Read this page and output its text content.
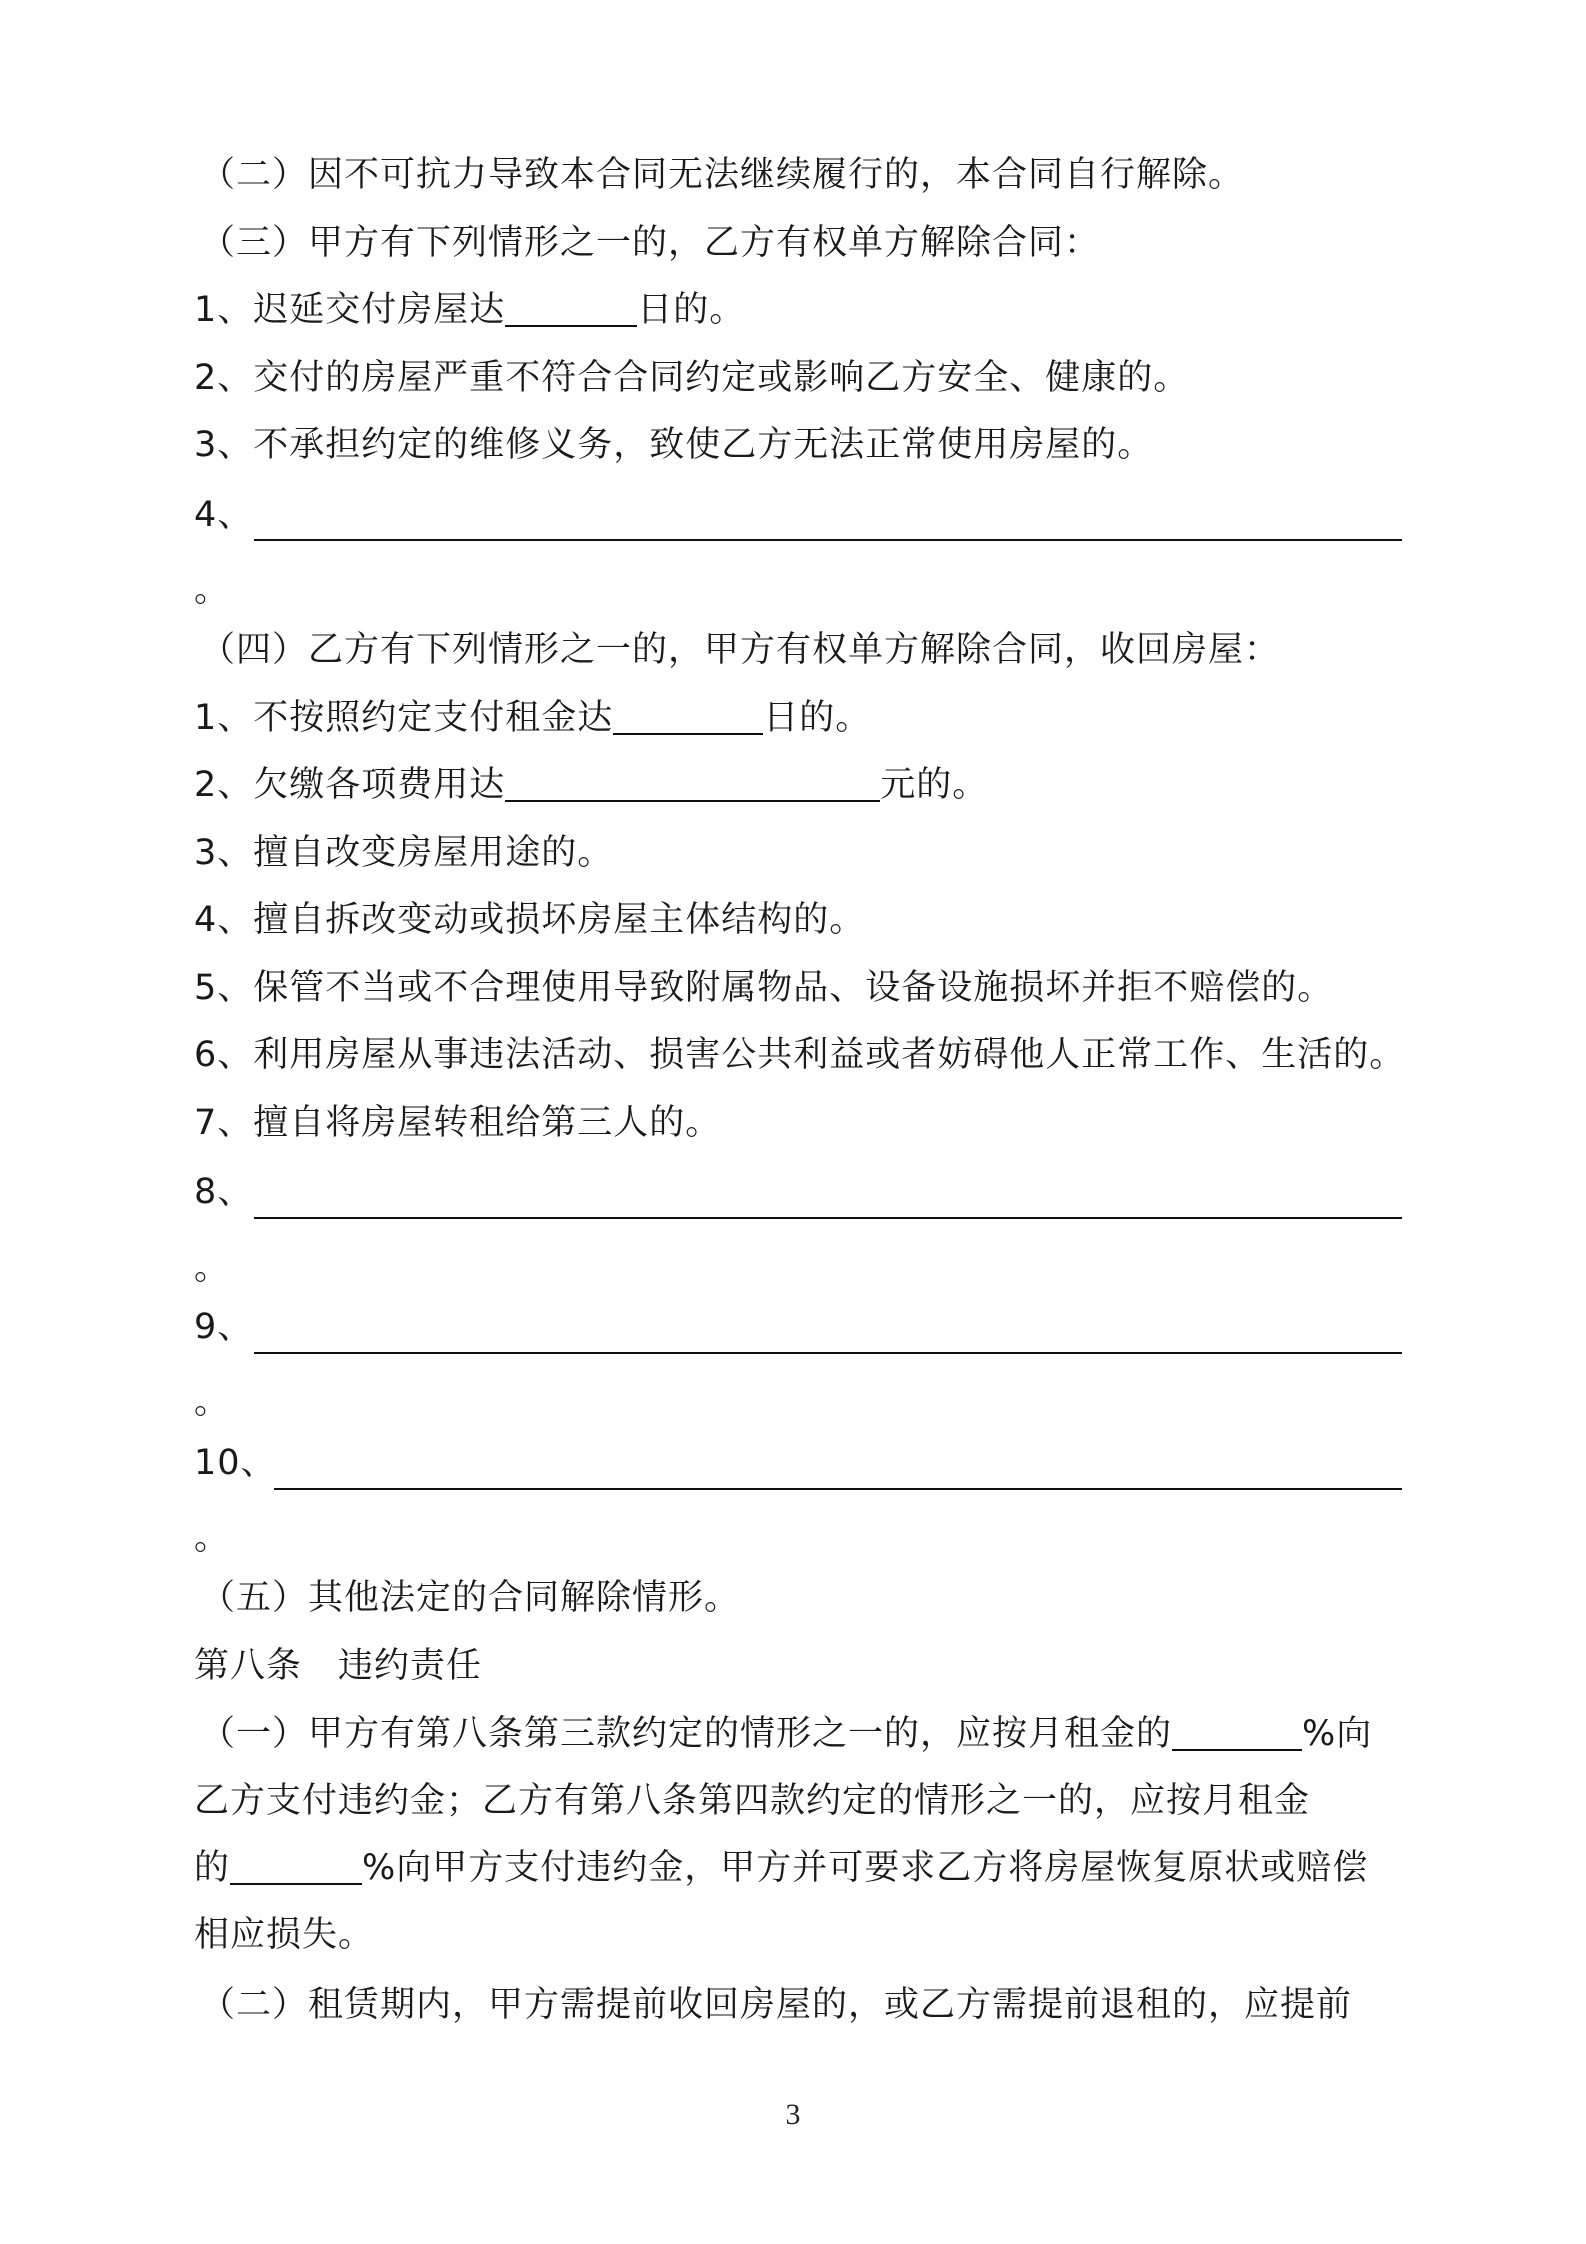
（二）因不可抗力导致本合同无法继续履行的，本合同自行解除。
（三）甲方有下列情形之一的，乙方有权单方解除合同：
1、迟延交付房屋达	日的。
2、交付的房屋严重不符合合同约定或影响乙方安全、健康的。
3、不承担约定的维修义务，致使乙方无法正常使用房屋的。
4、
。
（四）乙方有下列情形之一的，甲方有权单方解除合同，收回房屋：
1、不按照约定支付租金达	日的。
2、欠缴各项费用达	元的。
3、擅自改变房屋用途的。
4、擅自拆改变动或损坏房屋主体结构的。
5、保管不当或不合理使用导致附属物品、设备设施损坏并拒不赔偿的。
6、利用房屋从事违法活动、损害公共利益或者妨碍他人正常工作、生活的。
7、擅自将房屋转租给第三人的。
8、
。
9、
。
10、
。
（五）其他法定的合同解除情形。
第八条　违约责任
（一）甲方有第八条第三款约定的情形之一的，应按月租金的	%向
乙方支付违约金；乙方有第八条第四款约定的情形之一的，应按月租金
的	%向甲方支付违约金，甲方并可要求乙方将房屋恢复原状或赔偿
相应损失。
（二）租赁期内，甲方需提前收回房屋的，或乙方需提前退租的，应提前
3
